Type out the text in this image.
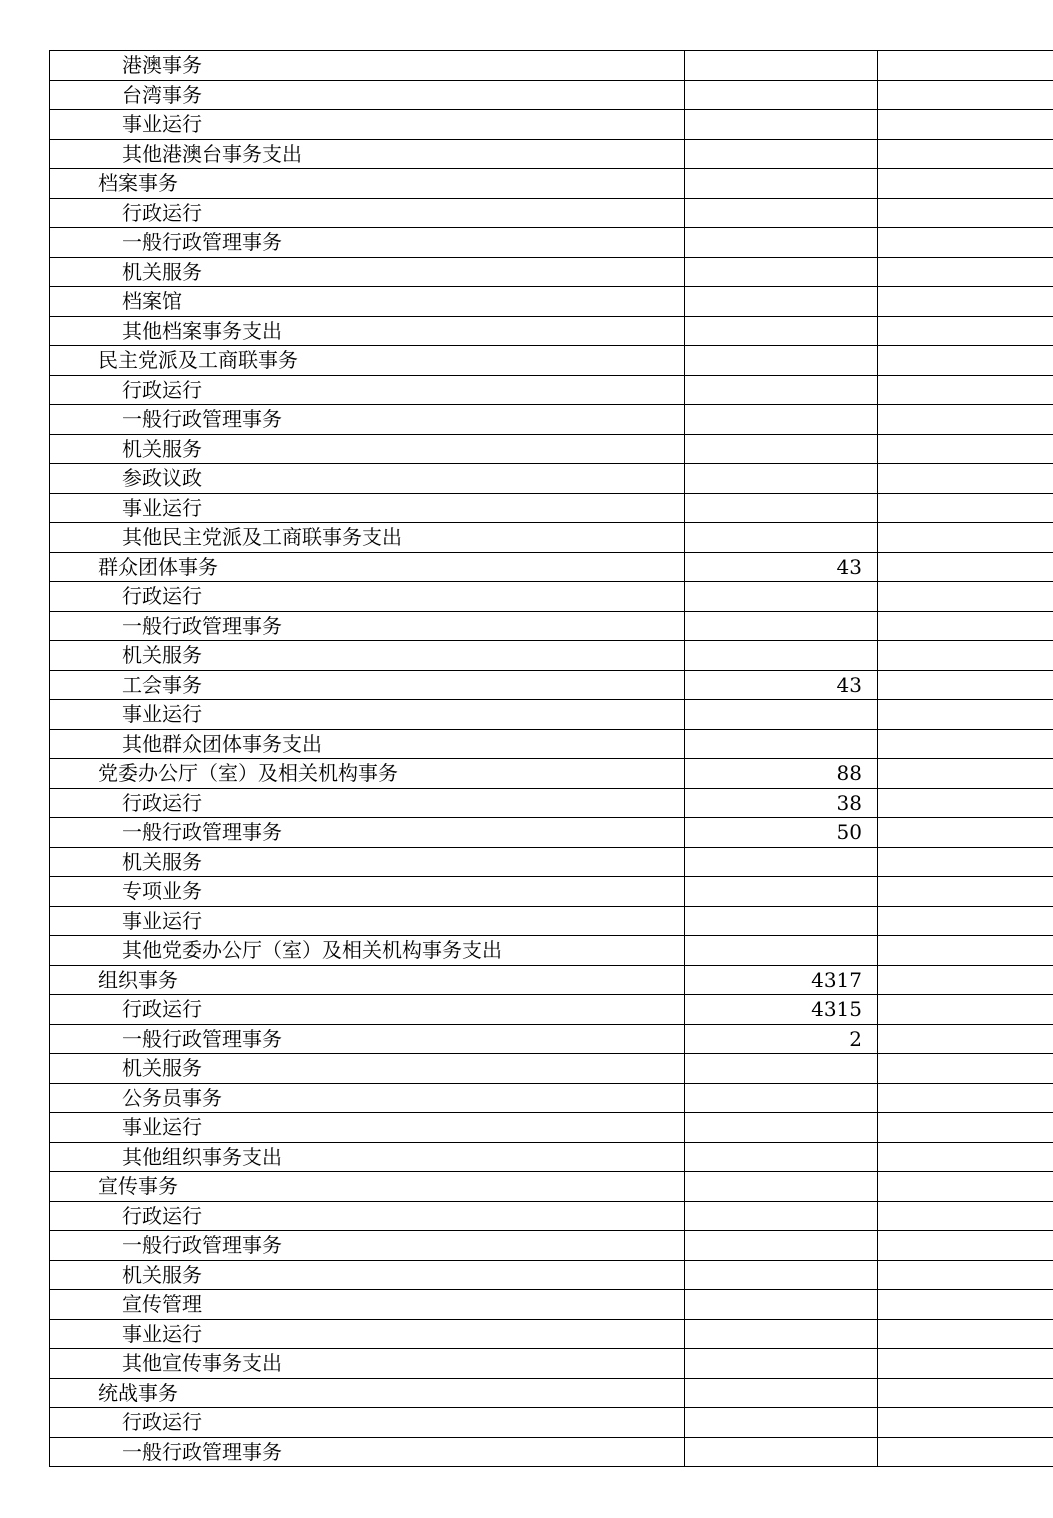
港澳事务		
台湾事务		
事业运行		
其他港澳台事务支出		
档案事务		
行政运行		
一般行政管理事务		
机关服务		
档案馆		
其他档案事务支出		
民主党派及工商联事务		
行政运行		
一般行政管理事务		
机关服务		
参政议政		
事业运行		
其他民主党派及工商联事务支出		
群众团体事务	43	
行政运行		
一般行政管理事务		
机关服务		
工会事务	43	
事业运行		
其他群众团体事务支出		
党委办公厅（室）及相关机构事务	88	
行政运行	38	
一般行政管理事务	50	
机关服务		
专项业务		
事业运行		
其他党委办公厅（室）及相关机构事务支出		
组织事务	4317	
行政运行	4315	
一般行政管理事务	2	
机关服务		
公务员事务		
事业运行		
其他组织事务支出		
宣传事务		
行政运行		
一般行政管理事务		
机关服务		
宣传管理		
事业运行		
其他宣传事务支出		
统战事务		
行政运行		
一般行政管理事务		
